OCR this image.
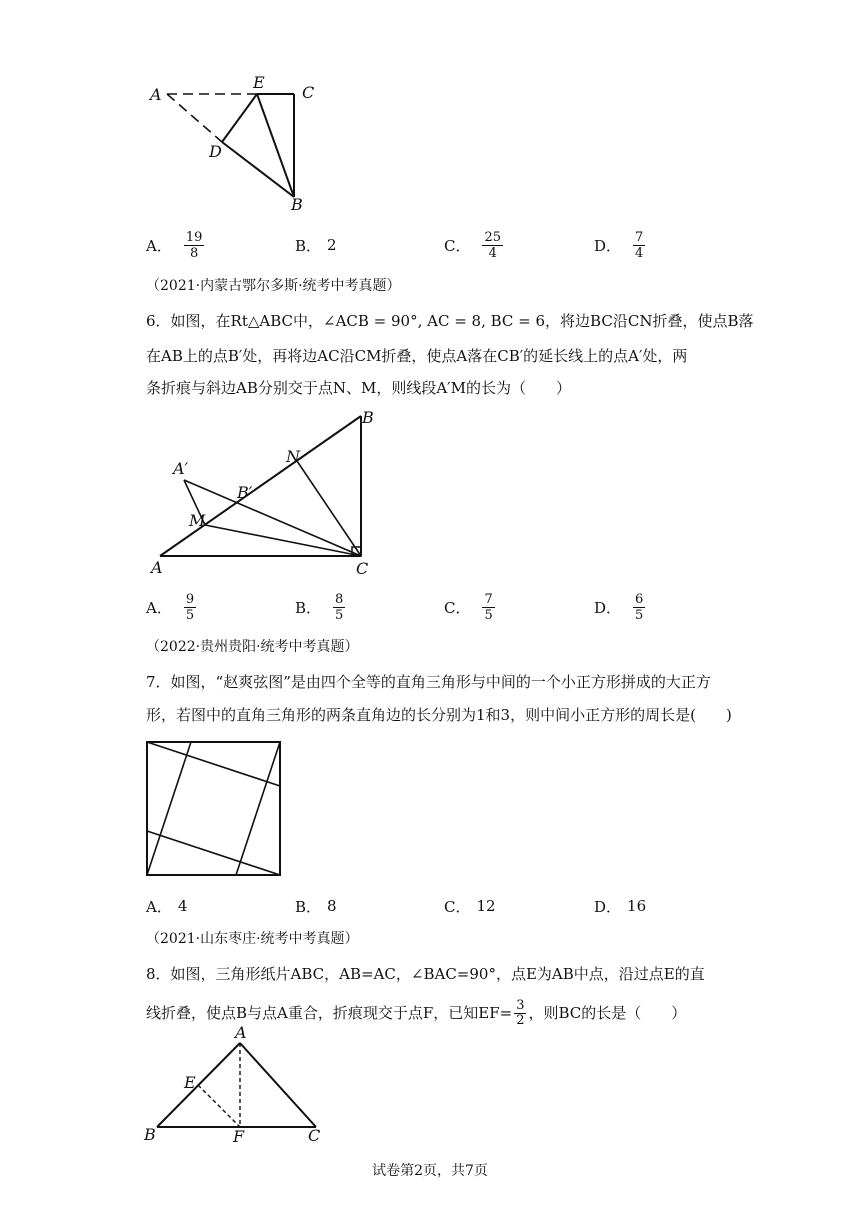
A
E
C
D
B
A． $\frac{19}{8}$	B． 2	C． $\frac{25}{4}$	D． $\frac{7}{4}$
（2021·内蒙古鄂尔多斯·统考中考真题）
6．如图，在Rt△ABC中，∠ACB = 90°, AC = 8, BC = 6，将边BC沿CN折叠，使点B落
在AB上的点B′处，再将边AC沿CM折叠，使点A落在CB′的延长线上的点A′处，两
条折痕与斜边AB分别交于点N、M，则线段A′M的长为（　　）
A
B
C
N
M
A′
B′
A． $\frac{9}{5}$	B． $\frac{8}{5}$	C． $\frac{7}{5}$	D． $\frac{6}{5}$
（2022·贵州贵阳·统考中考真题）
7．如图，“赵爽弦图”是由四个全等的直角三角形与中间的一个小正方形拼成的大正方
形，若图中的直角三角形的两条直角边的长分别为1和3，则中间小正方形的周长是(　　)
A． 4	B． 8	C． 12	D． 16
（2021·山东枣庄·统考中考真题）
8．如图，三角形纸片ABC，AB=AC，∠BAC=90°，点E为AB中点，沿过点E的直
线折叠，使点B与点A重合，折痕现交于点F，已知$EF= \frac{3}{2}$ ，则BC的长是（　　）
A
E
B	F	C
试卷第2页，共7页
